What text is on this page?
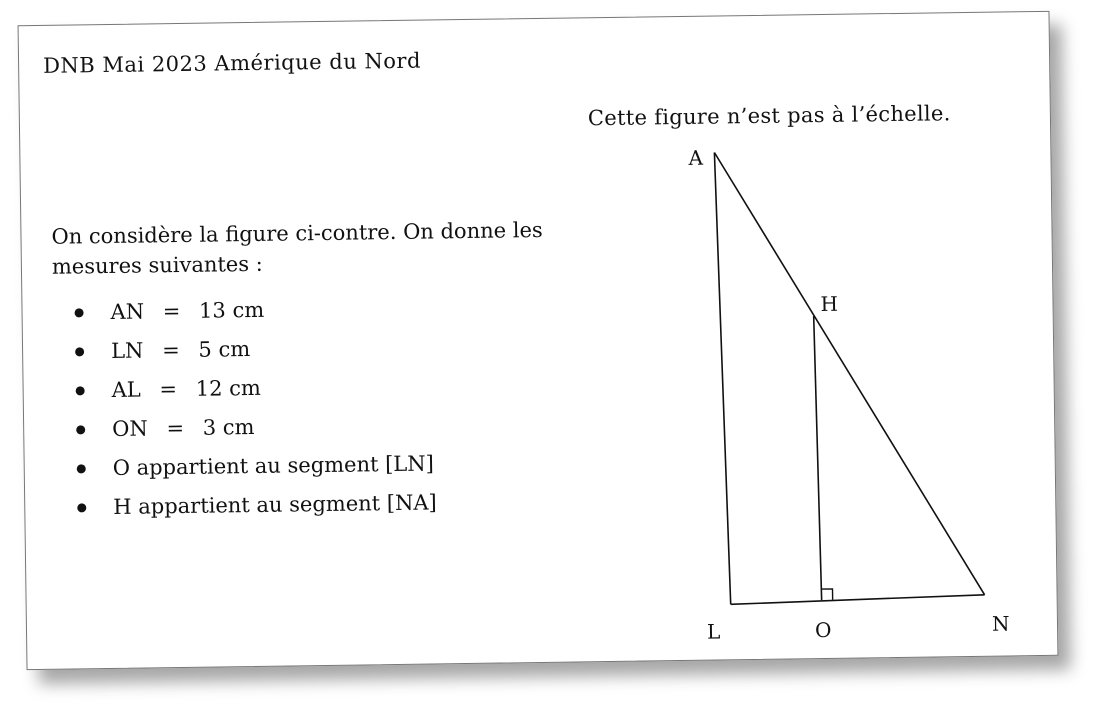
DNB Mai 2023 Amérique du Nord
Cette figure n’est pas à l’échelle.

On considère la figure ci-contre. On donne les mesures suivantes :

AN = 13 cm
LN = 5 cm
AL = 12 cm
ON = 3 cm
O appartient au segment [LN]
H appartient au segment [NA]
A
H
L	O	N
